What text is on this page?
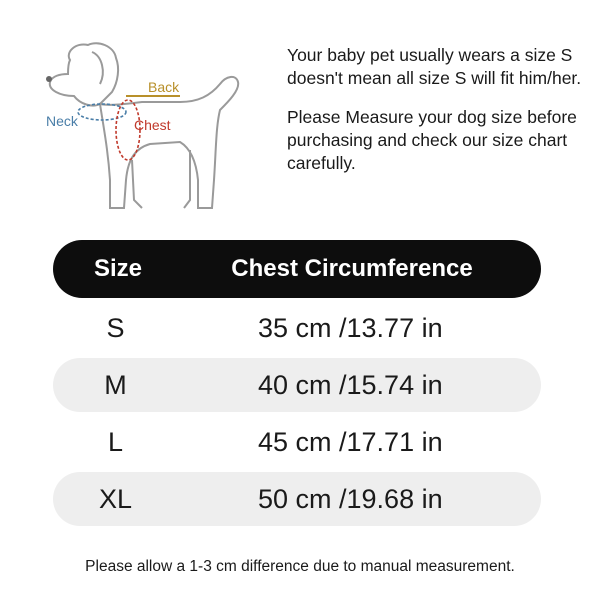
Back
Neck	Chest

Your baby pet usually wears a size S doesn't mean all size S will fit him/her.

Please Measure your dog size before purchasing and check our size chart carefully.

Size	Chest Circumference
S	35 cm /13.77 in
M	40 cm /15.74 in
L	45 cm /17.71 in
XL	50 cm /19.68 in
Please allow a 1-3 cm difference due to manual measurement.
